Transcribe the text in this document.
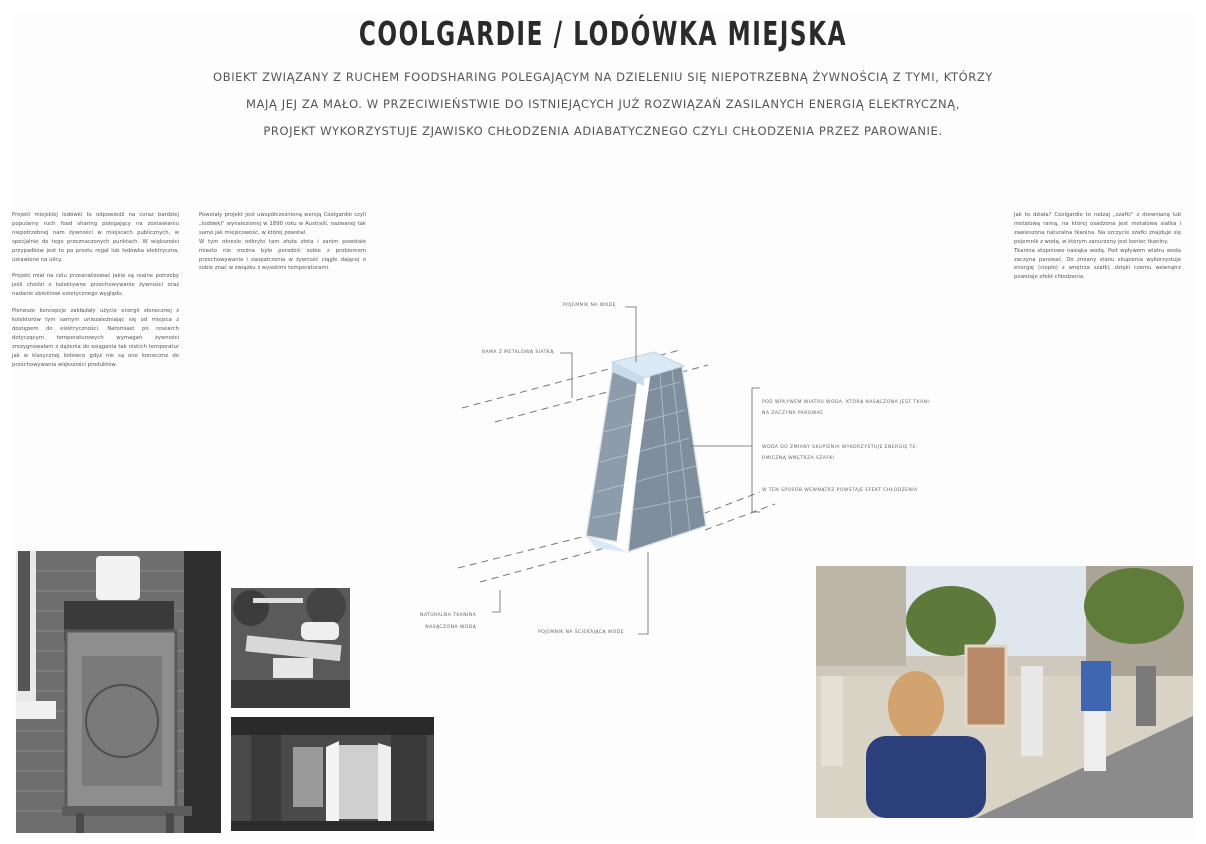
COOLGARDIE / LODÓWKA MIEJSKA
OBIEKT ZWIĄZANY Z RUCHEM FOODSHARING POLEGAJĄCYM NA DZIELENIU SIĘ NIEPOTRZEBNĄ ŻYWNOŚCIĄ Z TYMI, KTÓRZY
MAJĄ JEJ ZA MAŁO. W PRZECIWIEŃSTWIE DO ISTNIEJĄCYCH JUŻ ROZWIĄZAŃ ZASILANYCH ENERGIĄ ELEKTRYCZNĄ,
PROJEKT WYKORZYSTUJE ZJAWISKO CHŁODZENIA ADIABATYCZNEGO CZYLI CHŁODZENIA PRZEZ PAROWANIE.

Projekt miejskiej lodówki to odpowiedź na coraz bardziej popularny ruch food sharing polegający na zostawianiu niepotrzebnej nam żywności w miejscach publicznych, w specjalnie do tego przeznaczonych punktach. W większości przypadków jest to po prostu regał lub lodówka elektryczna, ustawione na ulicy.

Projekt miał na celu przeanalizować jakie są realne potrzeby jeśli chodzi o kolektywne przechowywanie żywności oraz nadanie obiektowi estetycznego wyglądu.

Pierwsze koncepcje zakładały użycie energii słonecznej z kolektorów tym samym uniezależniając się od miejsca z dostępem do elektryczności. Natomiast po research dotyczącym temperaturowych wymagań żywności zrezygnowałam z dążenia do osiągania tak niskich temperatur jak w klasycznej lodówce gdyż nie są one konieczne do przechowywania większości produktów.

Powstały projekt jest uwspółcześnioną wersją Coolgardie czyli „lodówki” wynalezionej w 1890 roku w Australii, nazwanej tak samo jak miejscowość, w której powstał.

W tym okresie odkryto tam złoża złota i zanim powstało miasto nie można było poradzić sobie z problemem przechowywania i zaopatrzenia w żywność ciągle dającej o sobie znać w związku z wysokimi temperaturami.

Jak to działa? Coolgardie to rodzaj „szafki” z drewnianą lub metalową ramą, na której osadzona jest metalowa siatka i zawieszona naturalna tkanina. Na szczycie szafki znajduje się pojemnik z wodą, w którym zanurzony jest koniec tkaniny.

Tkanina stopniowo nasiąka wodą. Pod wpływem wiatru woda zaczyna parować. Do zmiany stanu skupienia wykorzystuje energię (ciepło) z wnętrza szafki, dzięki czemu wewnątrz powstaje efekt chłodzenia.

POJEMNIK NA WODĘ
RAMA Z METALOWĄ SIATKĄ
POD WPŁYWEM WIATRU WODA, KTÓRĄ NASĄCZONA JEST TKANI-
NA ZACZYNA PAROWAĆ
WODA DO ZMIANY SKUPIENIA WYKORZYSTUJE ENERGIĘ TE-
RMICZNĄ WNĘTRZA SZAFKI
W TEN SPOSÓB WEWNĄTRZ POWSTAJE EFEKT CHŁODZENIA
NATURALNA TKANINA
NASĄCZONA WODĄ
POJEMNIK NA ŚCIEKAJĄCĄ WODĘ
